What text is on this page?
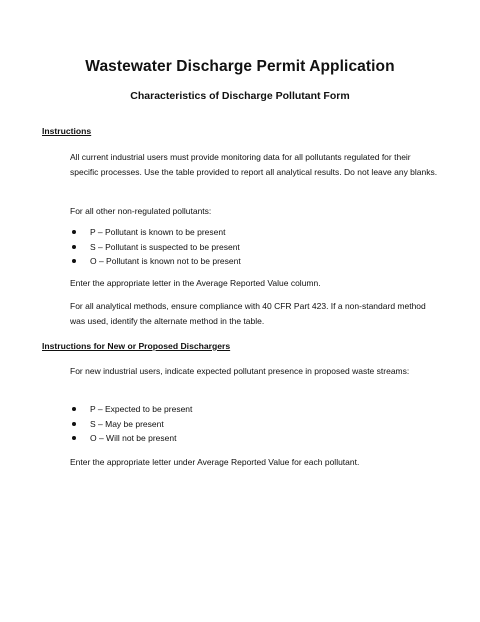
Wastewater Discharge Permit Application
Characteristics of Discharge Pollutant Form
Instructions
All current industrial users must provide monitoring data for all pollutants regulated for their specific processes. Use the table provided to report all analytical results. Do not leave any blanks.
For all other non-regulated pollutants:
P – Pollutant is known to be present
S – Pollutant is suspected to be present
O – Pollutant is known not to be present
Enter the appropriate letter in the Average Reported Value column.
For all analytical methods, ensure compliance with 40 CFR Part 423. If a non-standard method was used, identify the alternate method in the table.
Instructions for New or Proposed Dischargers
For new industrial users, indicate expected pollutant presence in proposed waste streams:
P – Expected to be present
S – May be present
O – Will not be present
Enter the appropriate letter under Average Reported Value for each pollutant.
